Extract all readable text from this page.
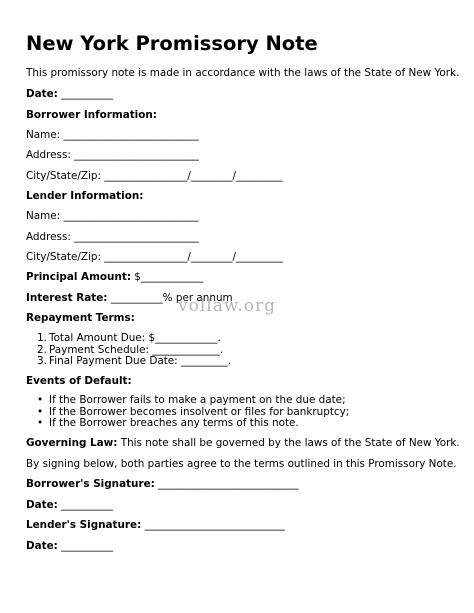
New York Promissory Note
This promissory note is made in accordance with the laws of the State of New York.
Date: __________
Borrower Information:
Name: __________________________
Address: ________________________
City/State/Zip: ________________/________/_________
Lender Information:
Name: __________________________
Address: ________________________
City/State/Zip: ________________/________/_________
Principal Amount: $____________
Interest Rate: __________% per annum
vollaw.org
Repayment Terms:
1. Total Amount Due: $____________.
2. Payment Schedule: _____________.
3. Final Payment Due Date: _________.
Events of Default:
• If the Borrower fails to make a payment on the due date;
• If the Borrower becomes insolvent or files for bankruptcy;
• If the Borrower breaches any terms of this note.
Governing Law: This note shall be governed by the laws of the State of New York.
By signing below, both parties agree to the terms outlined in this Promissory Note.
Borrower's Signature: ___________________________
Date: __________
Lender's Signature: ___________________________
Date: __________
